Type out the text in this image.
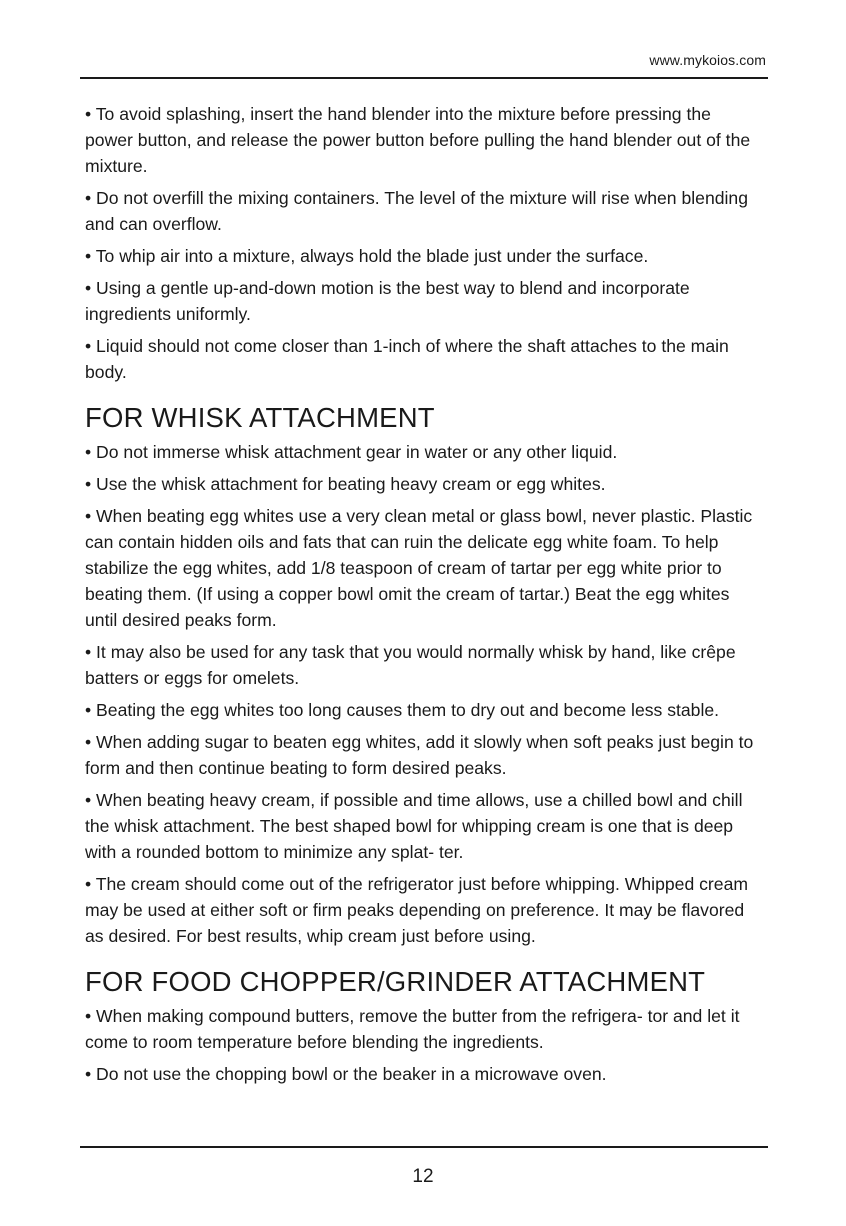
www.mykoios.com

• To avoid splashing, insert the hand blender into the mixture before pressing the power button, and release the power button before pulling the hand blender out of the mixture.

• Do not overfill the mixing containers. The level of the mixture will rise when blending and can overflow.

• To whip air into a mixture, always hold the blade just under the surface.

• Using a gentle up-and-down motion is the best way to blend and incorporate ingredients uniformly.

• Liquid should not come closer than 1-inch of where the shaft attaches to the main body.

FOR WHISK ATTACHMENT

• Do not immerse whisk attachment gear in water or any other liquid.

• Use the whisk attachment for beating heavy cream or egg whites.

• When beating egg whites use a very clean metal or glass bowl, never plastic. Plastic can contain hidden oils and fats that can ruin the delicate egg white foam. To help stabilize the egg whites, add 1/8 teaspoon of cream of tartar per egg white prior to beating them. (If using a copper bowl omit the cream of tartar.) Beat the egg whites until desired peaks form.

• It may also be used for any task that you would normally whisk by hand, like crêpe batters or eggs for omelets.

• Beating the egg whites too long causes them to dry out and become less stable.

• When adding sugar to beaten egg whites, add it slowly when soft peaks just begin to form and then continue beating to form desired peaks.

• When beating heavy cream, if possible and time allows, use a chilled bowl and chill the whisk attachment. The best shaped bowl for whipping cream is one that is deep with a rounded bottom to minimize any splat- ter.

• The cream should come out of the refrigerator just before whipping. Whipped cream may be used at either soft or firm peaks depending on preference. It may be flavored as desired. For best results, whip cream just before using.

FOR FOOD CHOPPER/GRINDER ATTACHMENT

• When making compound butters, remove the butter from the refrigera- tor and let it come to room temperature before blending the ingredients.

• Do not use the chopping bowl or the beaker in a microwave oven.

12
